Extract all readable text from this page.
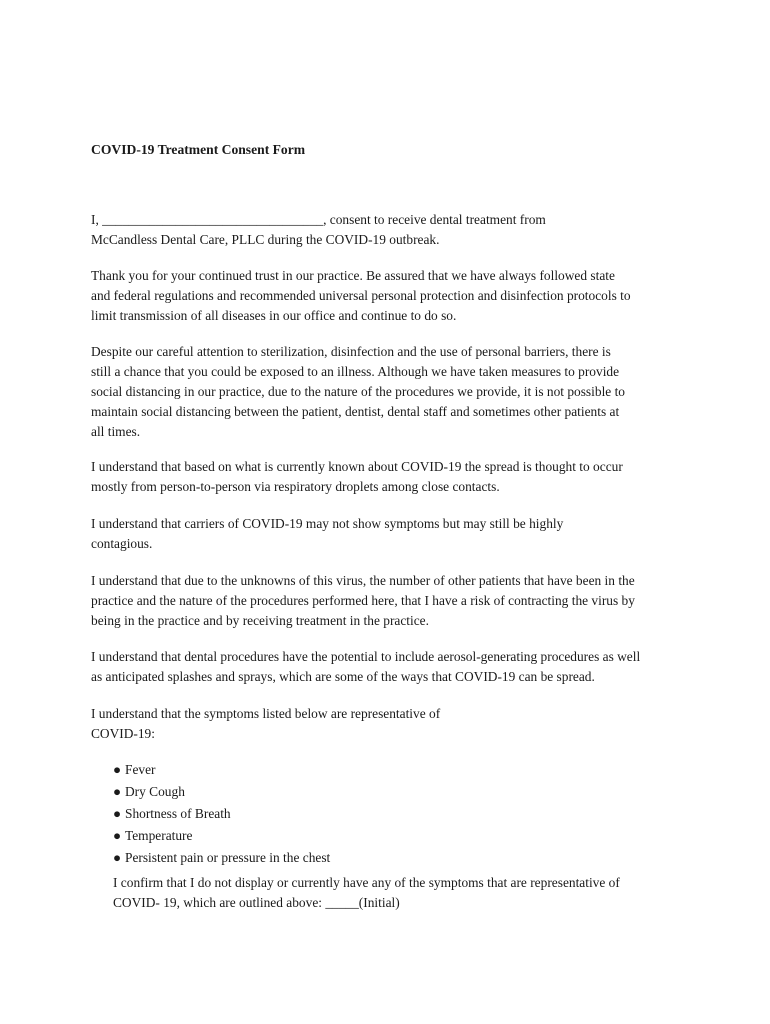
COVID-19 Treatment Consent Form

I, _________________________________, consent to receive dental treatment from
McCandless Dental Care, PLLC during the COVID-19 outbreak.

Thank you for your continued trust in our practice. Be assured that we have always followed state
and federal regulations and recommended universal personal protection and disinfection protocols to
limit transmission of all diseases in our office and continue to do so.

Despite our careful attention to sterilization, disinfection and the use of personal barriers, there is
still a chance that you could be exposed to an illness. Although we have taken measures to provide
social distancing in our practice, due to the nature of the procedures we provide, it is not possible to
maintain social distancing between the patient, dentist, dental staff and sometimes other patients at
all times.

I understand that based on what is currently known about COVID-19 the spread is thought to occur
mostly from person-to-person via respiratory droplets among close contacts.

I understand that carriers of COVID-19 may not show symptoms but may still be highly
contagious.

I understand that due to the unknowns of this virus, the number of other patients that have been in the
practice and the nature of the procedures performed here, that I have a risk of contracting the virus by
being in the practice and by receiving treatment in the practice.

I understand that dental procedures have the potential to include aerosol-generating procedures as well
as anticipated splashes and sprays, which are some of the ways that COVID-19 can be spread.

I understand that the symptoms listed below are representative of
COVID-19:

● Fever
● Dry Cough
● Shortness of Breath
● Temperature
● Persistent pain or pressure in the chest

I confirm that I do not display or currently have any of the symptoms that are representative of
COVID- 19, which are outlined above: _____(Initial)
